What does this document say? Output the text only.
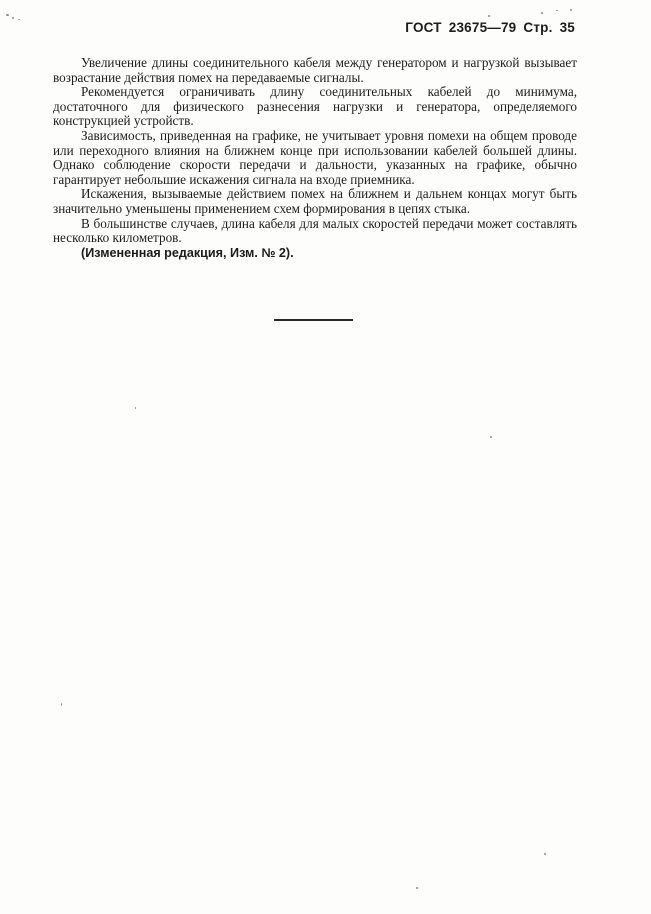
ГОСТ 23675—79 Стр. 35

Увеличение длины соединительного кабеля между генератором и нагрузкой вызывает возрастание действия помех на передаваемые сигналы.

Рекомендуется ограничивать длину соединительных кабелей до минимума, достаточного для физического разнесения нагрузки и генератора, определяемого конструкцией устройств.

Зависимость, приведенная на графике, не учитывает уровня помехи на общем проводе или переходного влияния на ближнем конце при использовании кабелей большей длины. Однако соблюдение скорости передачи и дальности, указанных на графике, обычно гарантирует небольшие искажения сигнала на входе приемника.

Искажения, вызываемые действием помех на ближнем и дальнем концах могут быть значительно уменьшены применением схем формирования в цепях стыка.

В большинстве случаев, длина кабеля для малых скоростей передачи может составлять несколько километров.

(Измененная редакция, Изм. № 2).
